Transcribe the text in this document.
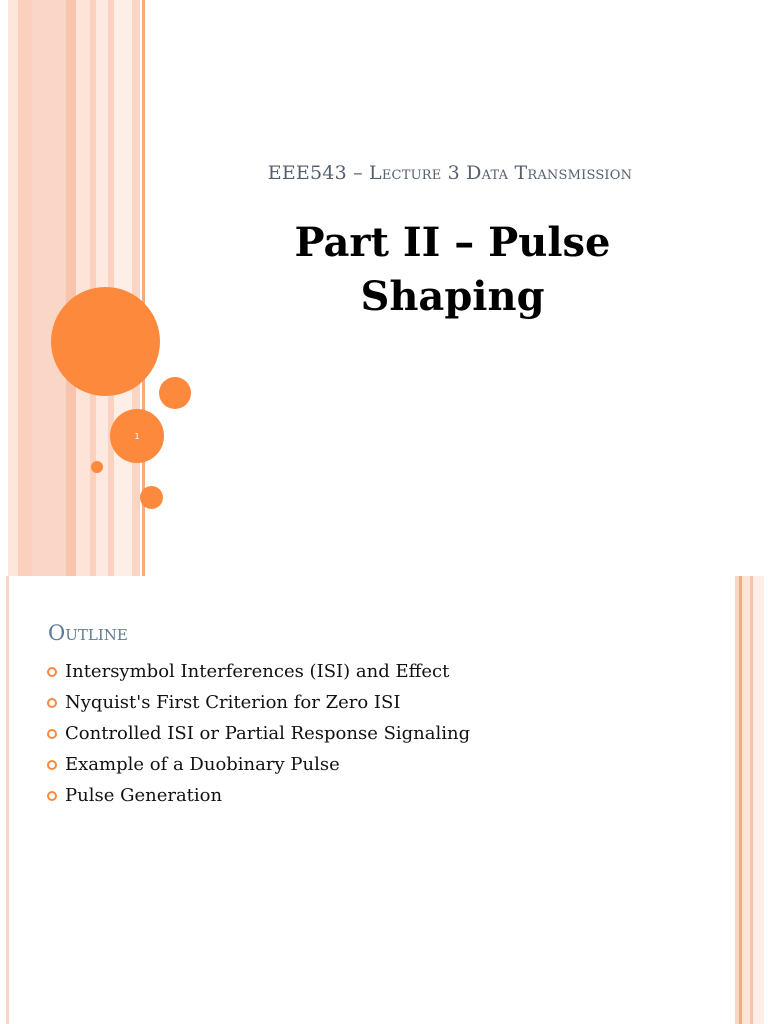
1
EEE543 – Lecture 3 Data Transmission
Part II – Pulse
Shaping
Outline
Intersymbol Interferences (ISI) and Effect
Nyquist's First Criterion for Zero ISI
Controlled ISI or Partial Response Signaling
Example of a Duobinary Pulse
Pulse Generation
